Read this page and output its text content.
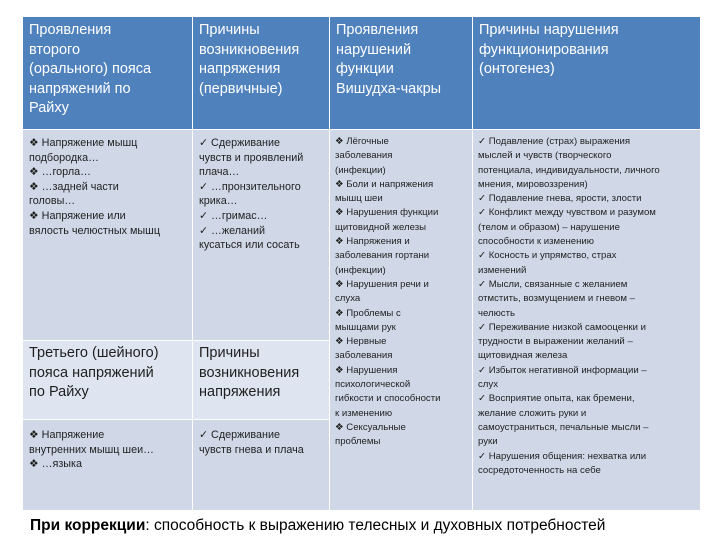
Проявления
второго
(орального) пояса
напряжений по
Райху
Причины
возникновения
напряжения
(первичные)
Проявления
нарушений
функции
Вишудха-чакры
Причины нарушения
функционирования
(онтогенез)
❖ Напряжение мышц
подбородка…
❖ …горла…
❖ …задней части
головы…
❖ Напряжение или
вялость челюстных мышц
✓ Сдерживание
чувств и проявлений
плача…
✓ …пронзительного
крика…
✓ …гримас…
✓ …желаний
кусаться или сосать
❖ Лёгочные
заболевания
(инфекции)
❖ Боли и напряжения
мышц шеи
❖ Нарушения функции
щитовидной железы
❖ Напряжения и
заболевания гортани
(инфекции)
❖ Нарушения речи и
слуха
❖ Проблемы с
мышцами рук
❖ Нервные
заболевания
❖ Нарушения
психологической
гибкости и способности
к изменению
❖ Сексуальные
проблемы
✓ Подавление (страх) выражения
мыслей и чувств (творческого
потенциала, индивидуальности, личного
мнения, мировоззрения)
✓ Подавление гнева, ярости, злости
✓ Конфликт между чувством и разумом
(телом и образом) – нарушение
способности к изменению
✓ Косность и упрямство, страх
изменений
✓ Мысли, связанные с желанием
отмстить, возмущением и гневом –
челюсть
✓ Переживание низкой самооценки и
трудности в выражении желаний –
щитовидная железа
✓ Избыток негативной информации –
слух
✓ Восприятие опыта, как бремени,
желание сложить руки и
самоустраниться, печальные мысли –
руки
✓ Нарушения общения: нехватка или
сосредоточенность на себе
Третьего (шейного)
пояса напряжений
по Райху
Причины
возникновения
напряжения
❖ Напряжение
внутренних мышц шеи…
❖ …языка
✓ Сдерживание
чувств гнева и плача
При коррекции: способность к выражению телесных и духовных потребностей
